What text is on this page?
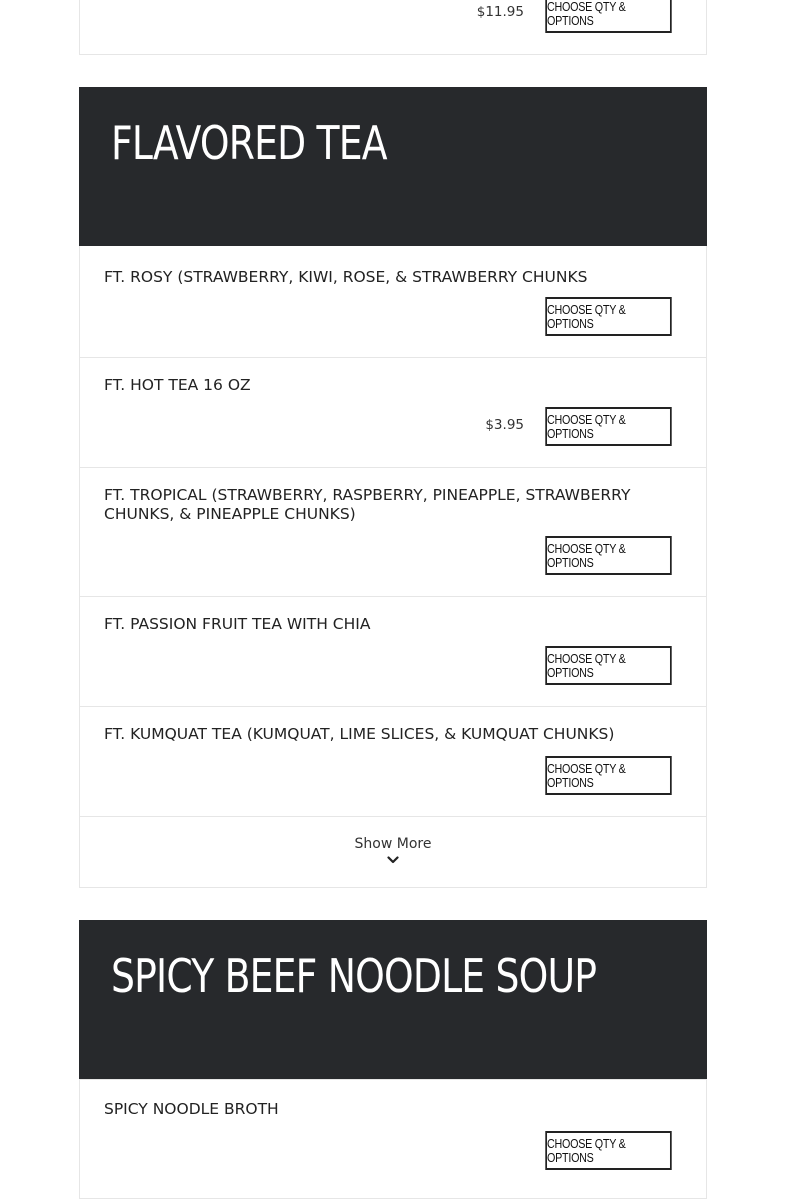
$11.95 CHOOSE QTY & OPTIONS
FLAVORED TEA
FT. ROSY (STRAWBERRY, KIWI, ROSE, & STRAWBERRY CHUNKS
CHOOSE QTY & OPTIONS
FT. HOT TEA 16 OZ
$3.95 CHOOSE QTY & OPTIONS
FT. TROPICAL (STRAWBERRY, RASPBERRY, PINEAPPLE, STRAWBERRY CHUNKS, & PINEAPPLE CHUNKS)
CHOOSE QTY & OPTIONS
FT. PASSION FRUIT TEA WITH CHIA
CHOOSE QTY & OPTIONS
FT. KUMQUAT TEA (KUMQUAT, LIME SLICES, & KUMQUAT CHUNKS)
CHOOSE QTY & OPTIONS
Show More
SPICY BEEF NOODLE SOUP
SPICY NOODLE BROTH
CHOOSE QTY & OPTIONS
